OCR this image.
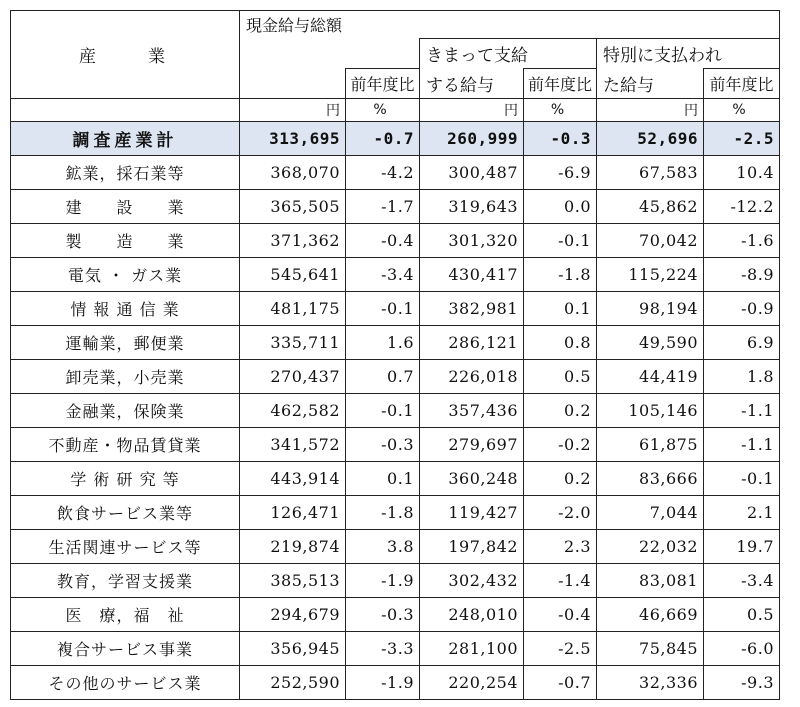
産　　業	現金給与総額					
			きまって支給		特別に支払われ	
		前年度比	する給与	前年度比	た給与	前年度比
	円	%	円	%	円	%
調査産業計	313,695	-0.7	260,999	-0.3	52,696	-2.5
鉱業，採石業等	368,070	-4.2	300,487	-6.9	67,583	10.4
建　　設　　業	365,505	-1.7	319,643	0.0	45,862	-12.2
製　　造　　業	371,362	-0.4	301,320	-0.1	70,042	-1.6
電気 ・ ガス業	545,641	-3.4	430,417	-1.8	115,224	-8.9
情 報 通 信 業	481,175	-0.1	382,981	0.1	98,194	-0.9
運輸業，郵便業	335,711	1.6	286,121	0.8	49,590	6.9
卸売業，小売業	270,437	0.7	226,018	0.5	44,419	1.8
金融業，保険業	462,582	-0.1	357,436	0.2	105,146	-1.1
不動産・物品賃貸業	341,572	-0.3	279,697	-0.2	61,875	-1.1
学 術 研 究 等	443,914	0.1	360,248	0.2	83,666	-0.1
飲食サービス業等	126,471	-1.8	119,427	-2.0	7,044	2.1
生活関連サービス等	219,874	3.8	197,842	2.3	22,032	19.7
教育，学習支援業	385,513	-1.9	302,432	-1.4	83,081	-3.4
医　療，福　祉	294,679	-0.3	248,010	-0.4	46,669	0.5
複合サービス事業	356,945	-3.3	281,100	-2.5	75,845	-6.0
その他のサービス業	252,590	-1.9	220,254	-0.7	32,336	-9.3
